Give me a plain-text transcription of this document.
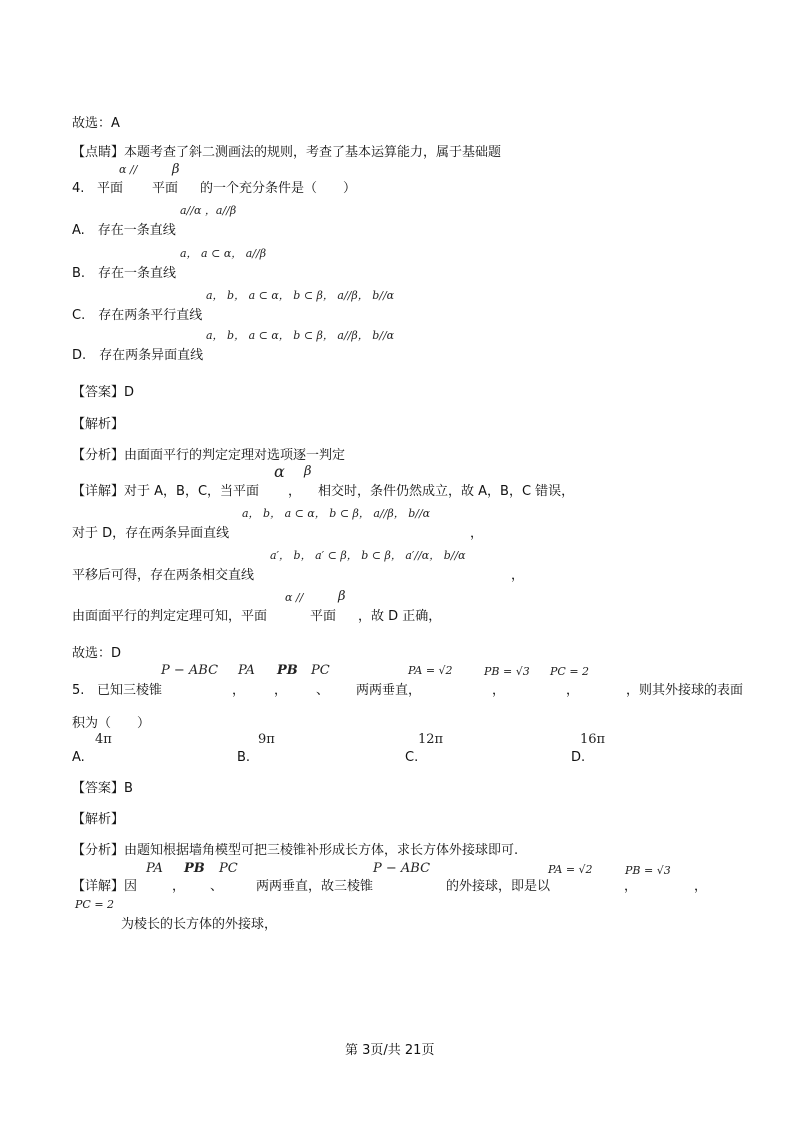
故选：A
【点睛】本题考查了斜二测画法的规则，考查了基本运算能力，属于基础题
α //	β
4. 平面 平面 的一个充分条件是（　　）
a//α ，a//β
A.　存在一条直线
a， a ⊂ α， a//β
B.　存在一条直线
a， b， a ⊂ α， b ⊂ β， a//β， b//α
C.　存在两条平行直线
a， b， a ⊂ α， b ⊂ β， a//β， b//α
D.　存在两条异面直线
【答案】D
【解析】
【分析】由面面平行的判定定理对选项逐一判定
α β
【详解】对于 A，B，C，当平面 ， 相交时，条件仍然成立，故 A，B，C 错误，
a， b， a ⊂ α， b ⊂ β， a//β， b//α
对于 D，存在两条异面直线	，
a′， b， a′ ⊂ β， b ⊂ β， a′//α， b//α
平移后可得，存在两条相交直线	，
α //	β
由面面平行的判定定理可知，平面	平面 ，故 D 正确，
故选：D
P − ABC PA PB PC	PA = √2	PB = √3 PC = 2
5. 已知三棱锥	， ， 、 两两垂直，	，	，	，则其外接球的表面
积为（　　）
4π	9π	12π	16π
A.	B.	C.	D.
【答案】B
【解析】
【分析】由题知根据墙角模型可把三棱锥补形成长方体，求长方体外接球即可.
PA PB PC	P − ABC	PA = √2	PB = √3
【详解】因	， 、	两两垂直，故三棱锥	的外接球，即是以	，	，
PC = 2
为棱长的长方体的外接球，
第 3页/共 21页
